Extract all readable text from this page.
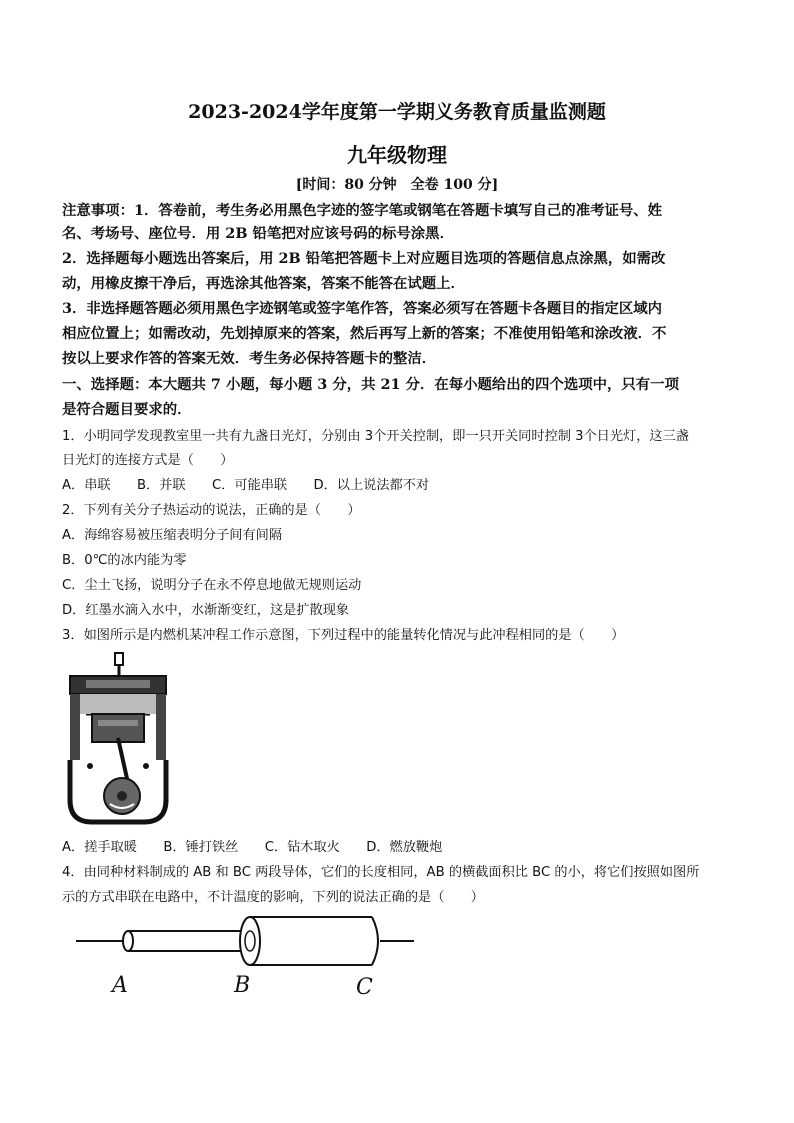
2023-2024学年度第一学期义务教育质量监测题
九年级物理
[时间：80 分钟　全卷 100 分]
注意事项：1．答卷前，考生务必用黑色字迹的签字笔或钢笔在答题卡填写自己的准考证号、姓
名、考场号、座位号．用 2B 铅笔把对应该号码的标号涂黑．
2．选择题每小题选出答案后，用 2B 铅笔把答题卡上对应题目选项的答题信息点涂黑，如需改
动，用橡皮擦干净后，再选涂其他答案，答案不能答在试题上．
3．非选择题答题必须用黑色字迹钢笔或签字笔作答，答案必须写在答题卡各题目的指定区域内
相应位置上；如需改动，先划掉原来的答案，然后再写上新的答案；不准使用铅笔和涂改液．不
按以上要求作答的答案无效．考生务必保持答题卡的整洁．
一、选择题：本大题共 7 小题，每小题 3 分，共 21 分．在每小题给出的四个选项中，只有一项
是符合题目要求的．
1．小明同学发现教室里一共有九盏日光灯，分别由 3个开关控制，即一只开关同时控制 3个日光灯，这三盏
日光灯的连接方式是（　　）
A．串联　　B．并联　　C．可能串联　　D．以上说法都不对
2．下列有关分子热运动的说法，正确的是（　　）
A．海绵容易被压缩表明分子间有间隔
B．0℃的冰内能为零
C．尘土飞扬，说明分子在永不停息地做无规则运动
D．红墨水滴入水中，水渐渐变红，这是扩散现象
3．如图所示是内燃机某冲程工作示意图，下列过程中的能量转化情况与此冲程相同的是（　　）
A．搓手取暖　　B．锤打铁丝　　C．钻木取火　　D．燃放鞭炮
4．由同种材料制成的 AB 和 BC 两段导体，它们的长度相同，AB 的横截面积比 BC 的小，将它们按照如图所
示的方式串联在电路中，不计温度的影响，下列的说法正确的是（　　）
A	B	C
